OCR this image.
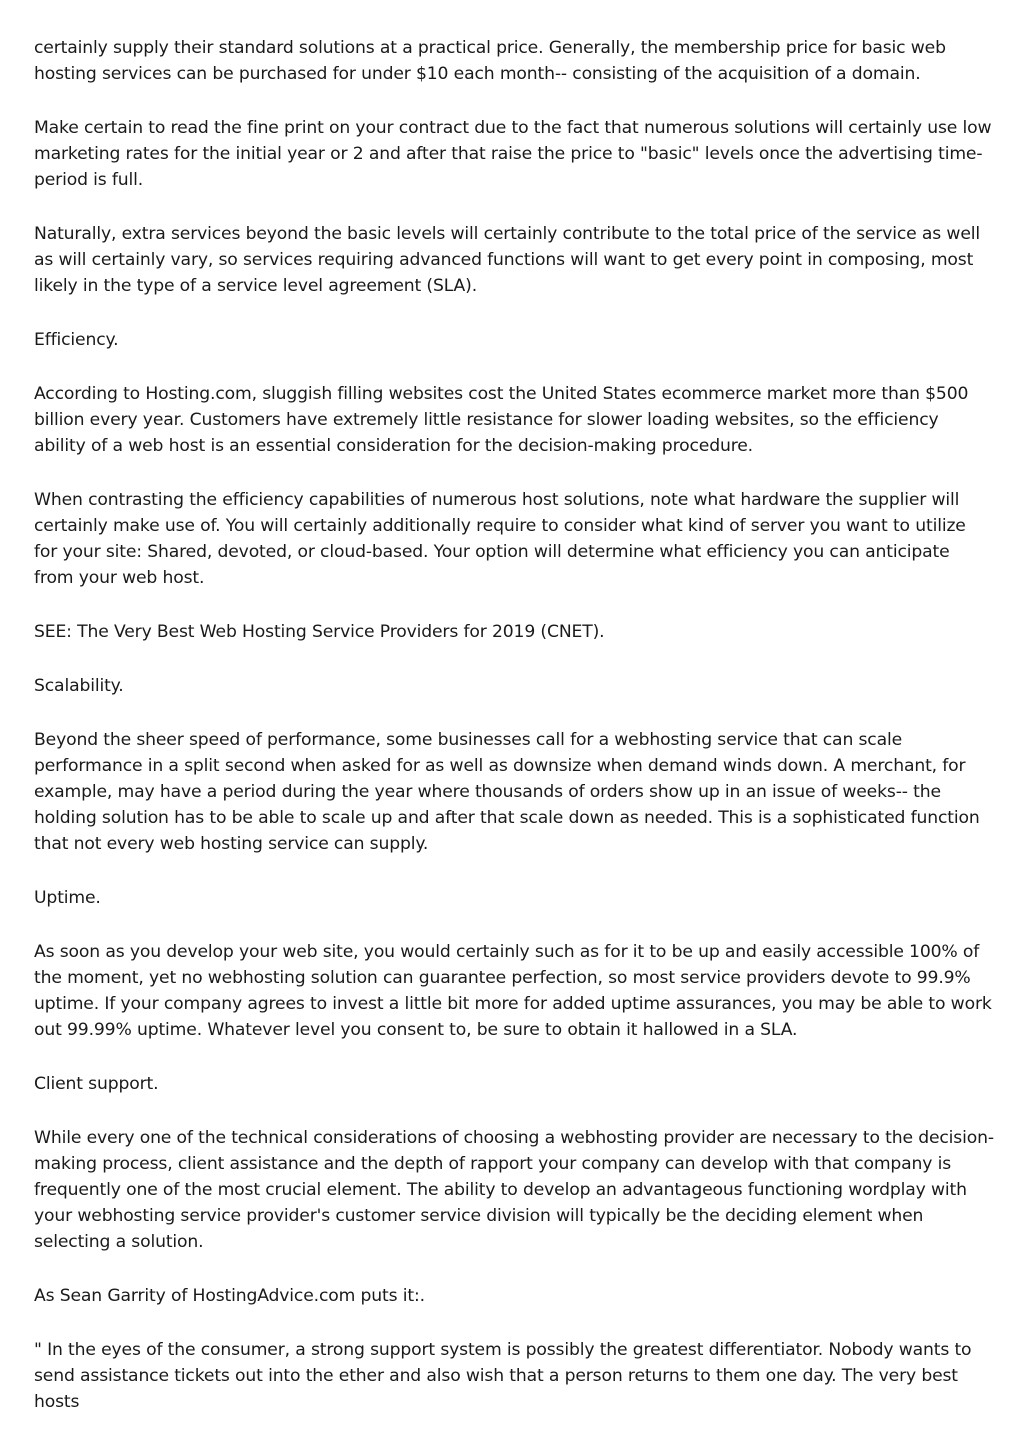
certainly supply their standard solutions at a practical price. Generally, the membership price for basic web hosting services can be purchased for under $10 each month-- consisting of the acquisition of a domain.

Make certain to read the fine print on your contract due to the fact that numerous solutions will certainly use low marketing rates for the initial year or 2 and after that raise the price to "basic" levels once the advertising time-period is full.

Naturally, extra services beyond the basic levels will certainly contribute to the total price of the service as well as will certainly vary, so services requiring advanced functions will want to get every point in composing, most likely in the type of a service level agreement (SLA).

Efficiency.

According to Hosting.com, sluggish filling websites cost the United States ecommerce market more than $500 billion every year. Customers have extremely little resistance for slower loading websites, so the efficiency ability of a web host is an essential consideration for the decision-making procedure.

When contrasting the efficiency capabilities of numerous host solutions, note what hardware the supplier will certainly make use of. You will certainly additionally require to consider what kind of server you want to utilize for your site: Shared, devoted, or cloud-based. Your option will determine what efficiency you can anticipate from your web host.

SEE: The Very Best Web Hosting Service Providers for 2019 (CNET).

Scalability.

Beyond the sheer speed of performance, some businesses call for a webhosting service that can scale performance in a split second when asked for as well as downsize when demand winds down. A merchant, for example, may have a period during the year where thousands of orders show up in an issue of weeks-- the holding solution has to be able to scale up and after that scale down as needed. This is a sophisticated function that not every web hosting service can supply.

Uptime.

As soon as you develop your web site, you would certainly such as for it to be up and easily accessible 100% of the moment, yet no webhosting solution can guarantee perfection, so most service providers devote to 99.9% uptime. If your company agrees to invest a little bit more for added uptime assurances, you may be able to work out 99.99% uptime. Whatever level you consent to, be sure to obtain it hallowed in a SLA.

Client support.

While every one of the technical considerations of choosing a webhosting provider are necessary to the decision-making process, client assistance and the depth of rapport your company can develop with that company is frequently one of the most crucial element. The ability to develop an advantageous functioning wordplay with your webhosting service provider's customer service division will typically be the deciding element when selecting a solution.

As Sean Garrity of HostingAdvice.com puts it:.

" In the eyes of the consumer, a strong support system is possibly the greatest differentiator. Nobody wants to send assistance tickets out into the ether and also wish that a person returns to them one day. The very best hosts
